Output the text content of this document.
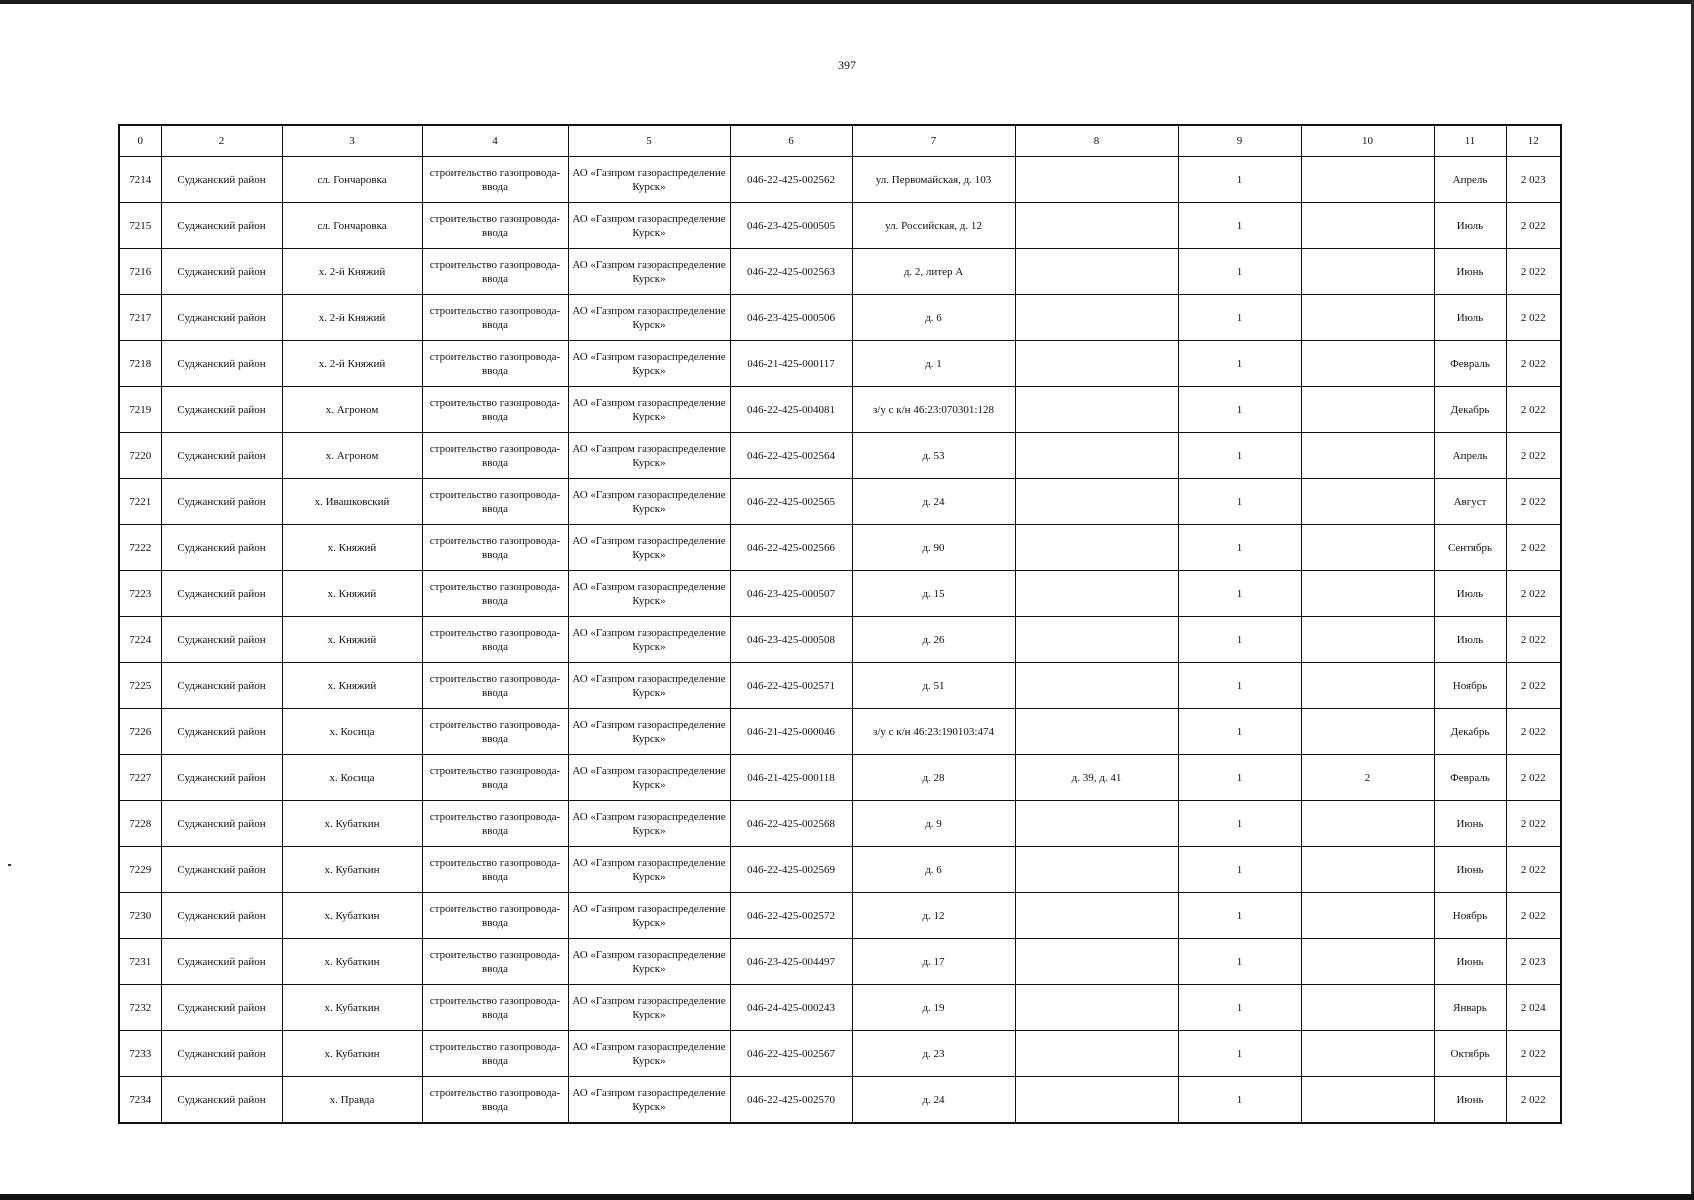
397
0	2	3	4	5	6	7	8	9	10	11	12
7214	Суджанский район	сл. Гончаровка	строительство газопровода-ввода	АО «Газпром газораспределение Курск»	046-22-425-002562	ул. Первомайская, д. 103		1		Апрель	2 023
7215	Суджанский район	сл. Гончаровка	строительство газопровода-ввода	АО «Газпром газораспределение Курск»	046-23-425-000505	ул. Российская, д. 12		1		Июль	2 022
7216	Суджанский район	х. 2-й Княжий	строительство газопровода-ввода	АО «Газпром газораспределение Курск»	046-22-425-002563	д. 2, литер А		1		Июнь	2 022
7217	Суджанский район	х. 2-й Княжий	строительство газопровода-ввода	АО «Газпром газораспределение Курск»	046-23-425-000506	д. 6		1		Июль	2 022
7218	Суджанский район	х. 2-й Княжий	строительство газопровода-ввода	АО «Газпром газораспределение Курск»	046-21-425-000117	д. 1		1		Февраль	2 022
7219	Суджанский район	х. Агроном	строительство газопровода-ввода	АО «Газпром газораспределение Курск»	046-22-425-004081	з/у с к/н 46:23:070301:128		1		Декабрь	2 022
7220	Суджанский район	х. Агроном	строительство газопровода-ввода	АО «Газпром газораспределение Курск»	046-22-425-002564	д. 53		1		Апрель	2 022
7221	Суджанский район	х. Ивашковский	строительство газопровода-ввода	АО «Газпром газораспределение Курск»	046-22-425-002565	д. 24		1		Август	2 022
7222	Суджанский район	х. Княжий	строительство газопровода-ввода	АО «Газпром газораспределение Курск»	046-22-425-002566	д. 90		1		Сентябрь	2 022
7223	Суджанский район	х. Княжий	строительство газопровода-ввода	АО «Газпром газораспределение Курск»	046-23-425-000507	д. 15		1		Июль	2 022
7224	Суджанский район	х. Княжий	строительство газопровода-ввода	АО «Газпром газораспределение Курск»	046-23-425-000508	д. 26		1		Июль	2 022
7225	Суджанский район	х. Княжий	строительство газопровода-ввода	АО «Газпром газораспределение Курск»	046-22-425-002571	д. 51		1		Ноябрь	2 022
7226	Суджанский район	х. Косица	строительство газопровода-ввода	АО «Газпром газораспределение Курск»	046-21-425-000046	з/у с к/н 46:23:190103:474		1		Декабрь	2 022
7227	Суджанский район	х. Косица	строительство газопровода-ввода	АО «Газпром газораспределение Курск»	046-21-425-000118	д. 28	д. 39, д. 41	1	2	Февраль	2 022
7228	Суджанский район	х. Кубаткин	строительство газопровода-ввода	АО «Газпром газораспределение Курск»	046-22-425-002568	д. 9		1		Июнь	2 022
7229	Суджанский район	х. Кубаткин	строительство газопровода-ввода	АО «Газпром газораспределение Курск»	046-22-425-002569	д. 6		1		Июнь	2 022
7230	Суджанский район	х. Кубаткин	строительство газопровода-ввода	АО «Газпром газораспределение Курск»	046-22-425-002572	д. 12		1		Ноябрь	2 022
7231	Суджанский район	х. Кубаткин	строительство газопровода-ввода	АО «Газпром газораспределение Курск»	046-23-425-004497	д. 17		1		Июнь	2 023
7232	Суджанский район	х. Кубаткин	строительство газопровода-ввода	АО «Газпром газораспределение Курск»	046-24-425-000243	д. 19		1		Январь	2 024
7233	Суджанский район	х. Кубаткин	строительство газопровода-ввода	АО «Газпром газораспределение Курск»	046-22-425-002567	д. 23		1		Октябрь	2 022
7234	Суджанский район	х. Правда	строительство газопровода-ввода	АО «Газпром газораспределение Курск»	046-22-425-002570	д. 24		1		Июнь	2 022
